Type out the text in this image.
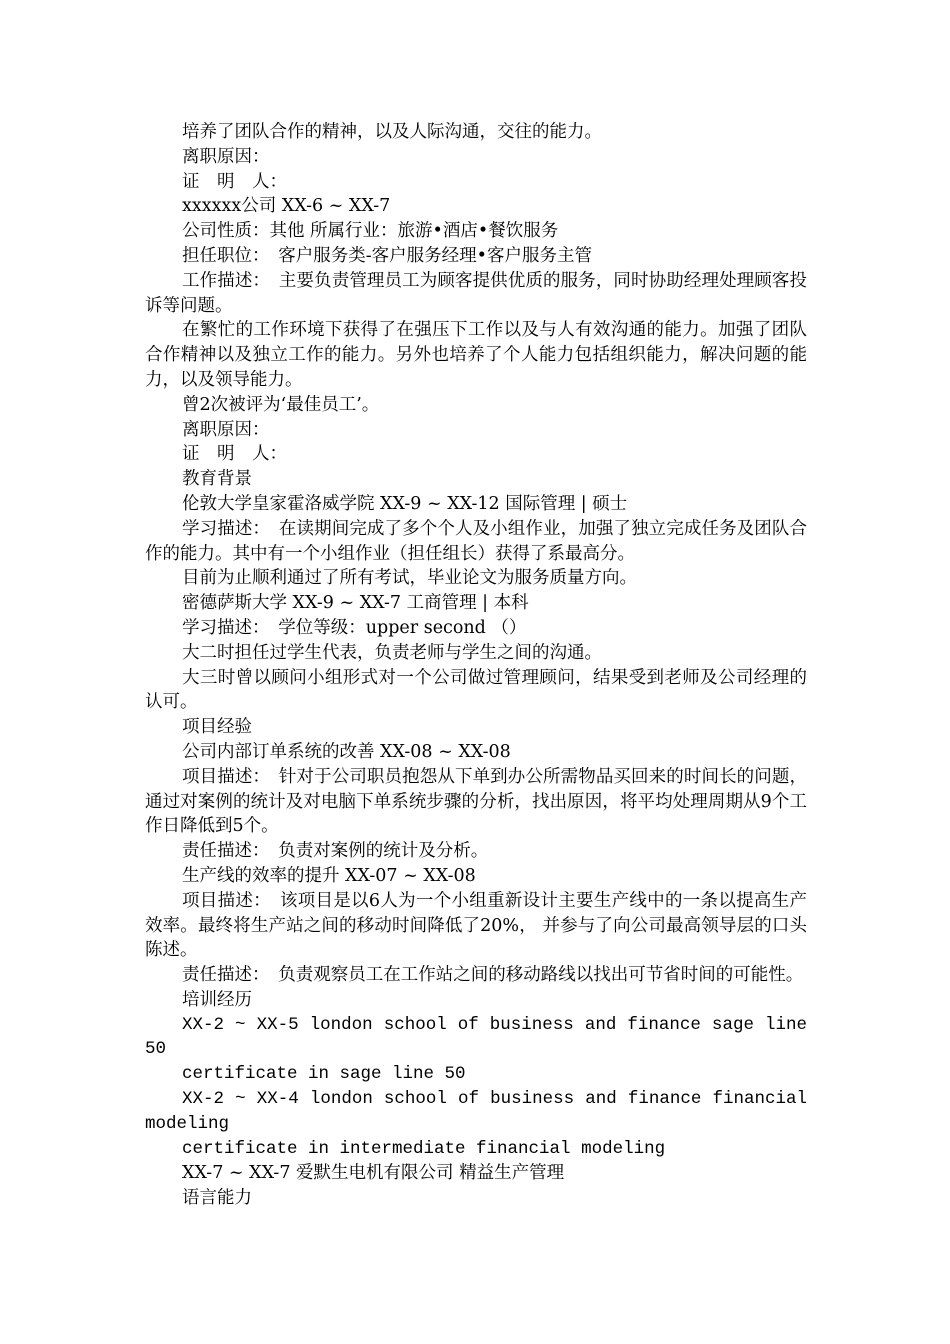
培养了团队合作的精神，以及人际沟通，交往的能力。

离职原因：

证　明　人：

xxxxxx公司 XX-6 ~ XX-7

公司性质：其他 所属行业：旅游•酒店•餐饮服务

担任职位：　客户服务类-客户服务经理•客户服务主管

工作描述：　主要负责管理员工为顾客提供优质的服务，同时协助经理处理顾客投诉等问题。

在繁忙的工作环境下获得了在强压下工作以及与人有效沟通的能力。加强了团队合作精神以及独立工作的能力。另外也培养了个人能力包括组织能力，解决问题的能力，以及领导能力。

曾2次被评为‘最佳员工’。

离职原因：

证　明　人：

教育背景

伦敦大学皇家霍洛威学院 XX-9 ~ XX-12 国际管理 | 硕士

学习描述：　在读期间完成了多个个人及小组作业，加强了独立完成任务及团队合作的能力。其中有一个小组作业（担任组长）获得了系最高分。

目前为止顺利通过了所有考试，毕业论文为服务质量方向。

密德萨斯大学 XX-9 ~ XX-7 工商管理 | 本科

学习描述：　学位等级：upper second （）

大二时担任过学生代表，负责老师与学生之间的沟通。

大三时曾以顾问小组形式对一个公司做过管理顾问，结果受到老师及公司经理的认可。

项目经验

公司内部订单系统的改善 XX-08 ~ XX-08

项目描述：　针对于公司职员抱怨从下单到办公所需物品买回来的时间长的问题，通过对案例的统计及对电脑下单系统步骤的分析，找出原因，将平均处理周期从9个工作日降低到5个。

责任描述：　负责对案例的统计及分析。

生产线的效率的提升 XX-07 ~ XX-08

项目描述：　该项目是以6人为一个小组重新设计主要生产线中的一条以提高生产效率。最终将生产站之间的移动时间降低了20%， 并参与了向公司最高领导层的口头陈述。

责任描述：　负责观察员工在工作站之间的移动路线以找出可节省时间的可能性。

培训经历

XX-2 ~ XX-5 london school of business and finance sage line 50

certificate in sage line 50

XX-2 ~ XX-4 london school of business and finance financial modeling

certificate in intermediate financial modeling

XX-7 ~ XX-7 爱默生电机有限公司 精益生产管理

语言能力
